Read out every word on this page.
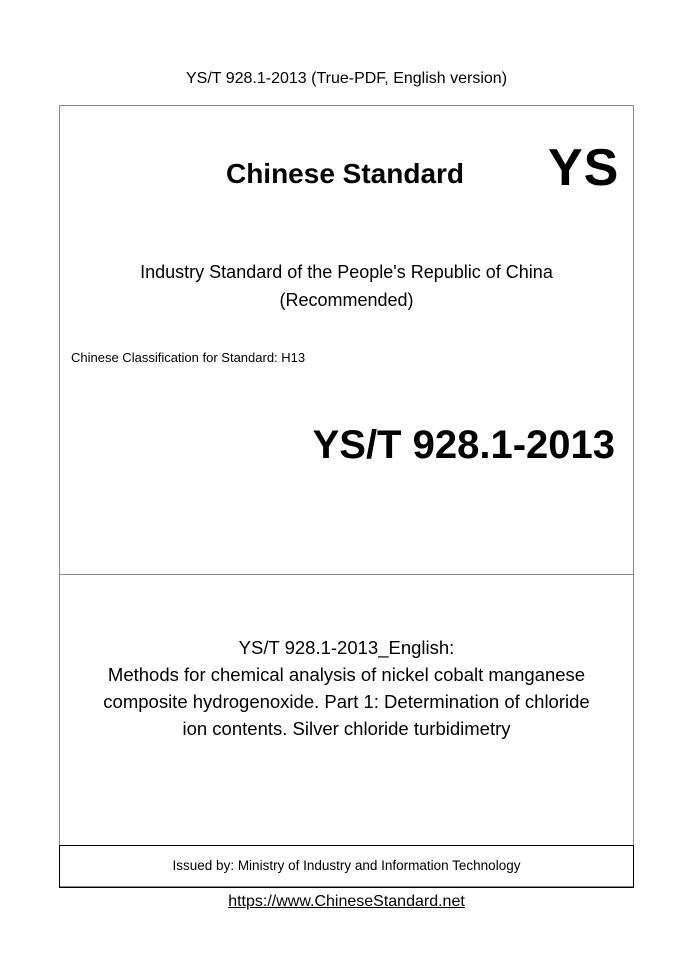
YS/T 928.1-2013 (True-PDF, English version)
Chinese Standard	YS
Industry Standard of the People's Republic of China
(Recommended)
Chinese Classification for Standard: H13
YS/T 928.1-2013
YS/T 928.1-2013_English:
Methods for chemical analysis of nickel cobalt manganese
composite hydrogenoxide. Part 1: Determination of chloride
ion contents. Silver chloride turbidimetry
Issued by: Ministry of Industry and Information Technology
https://www.ChineseStandard.net
